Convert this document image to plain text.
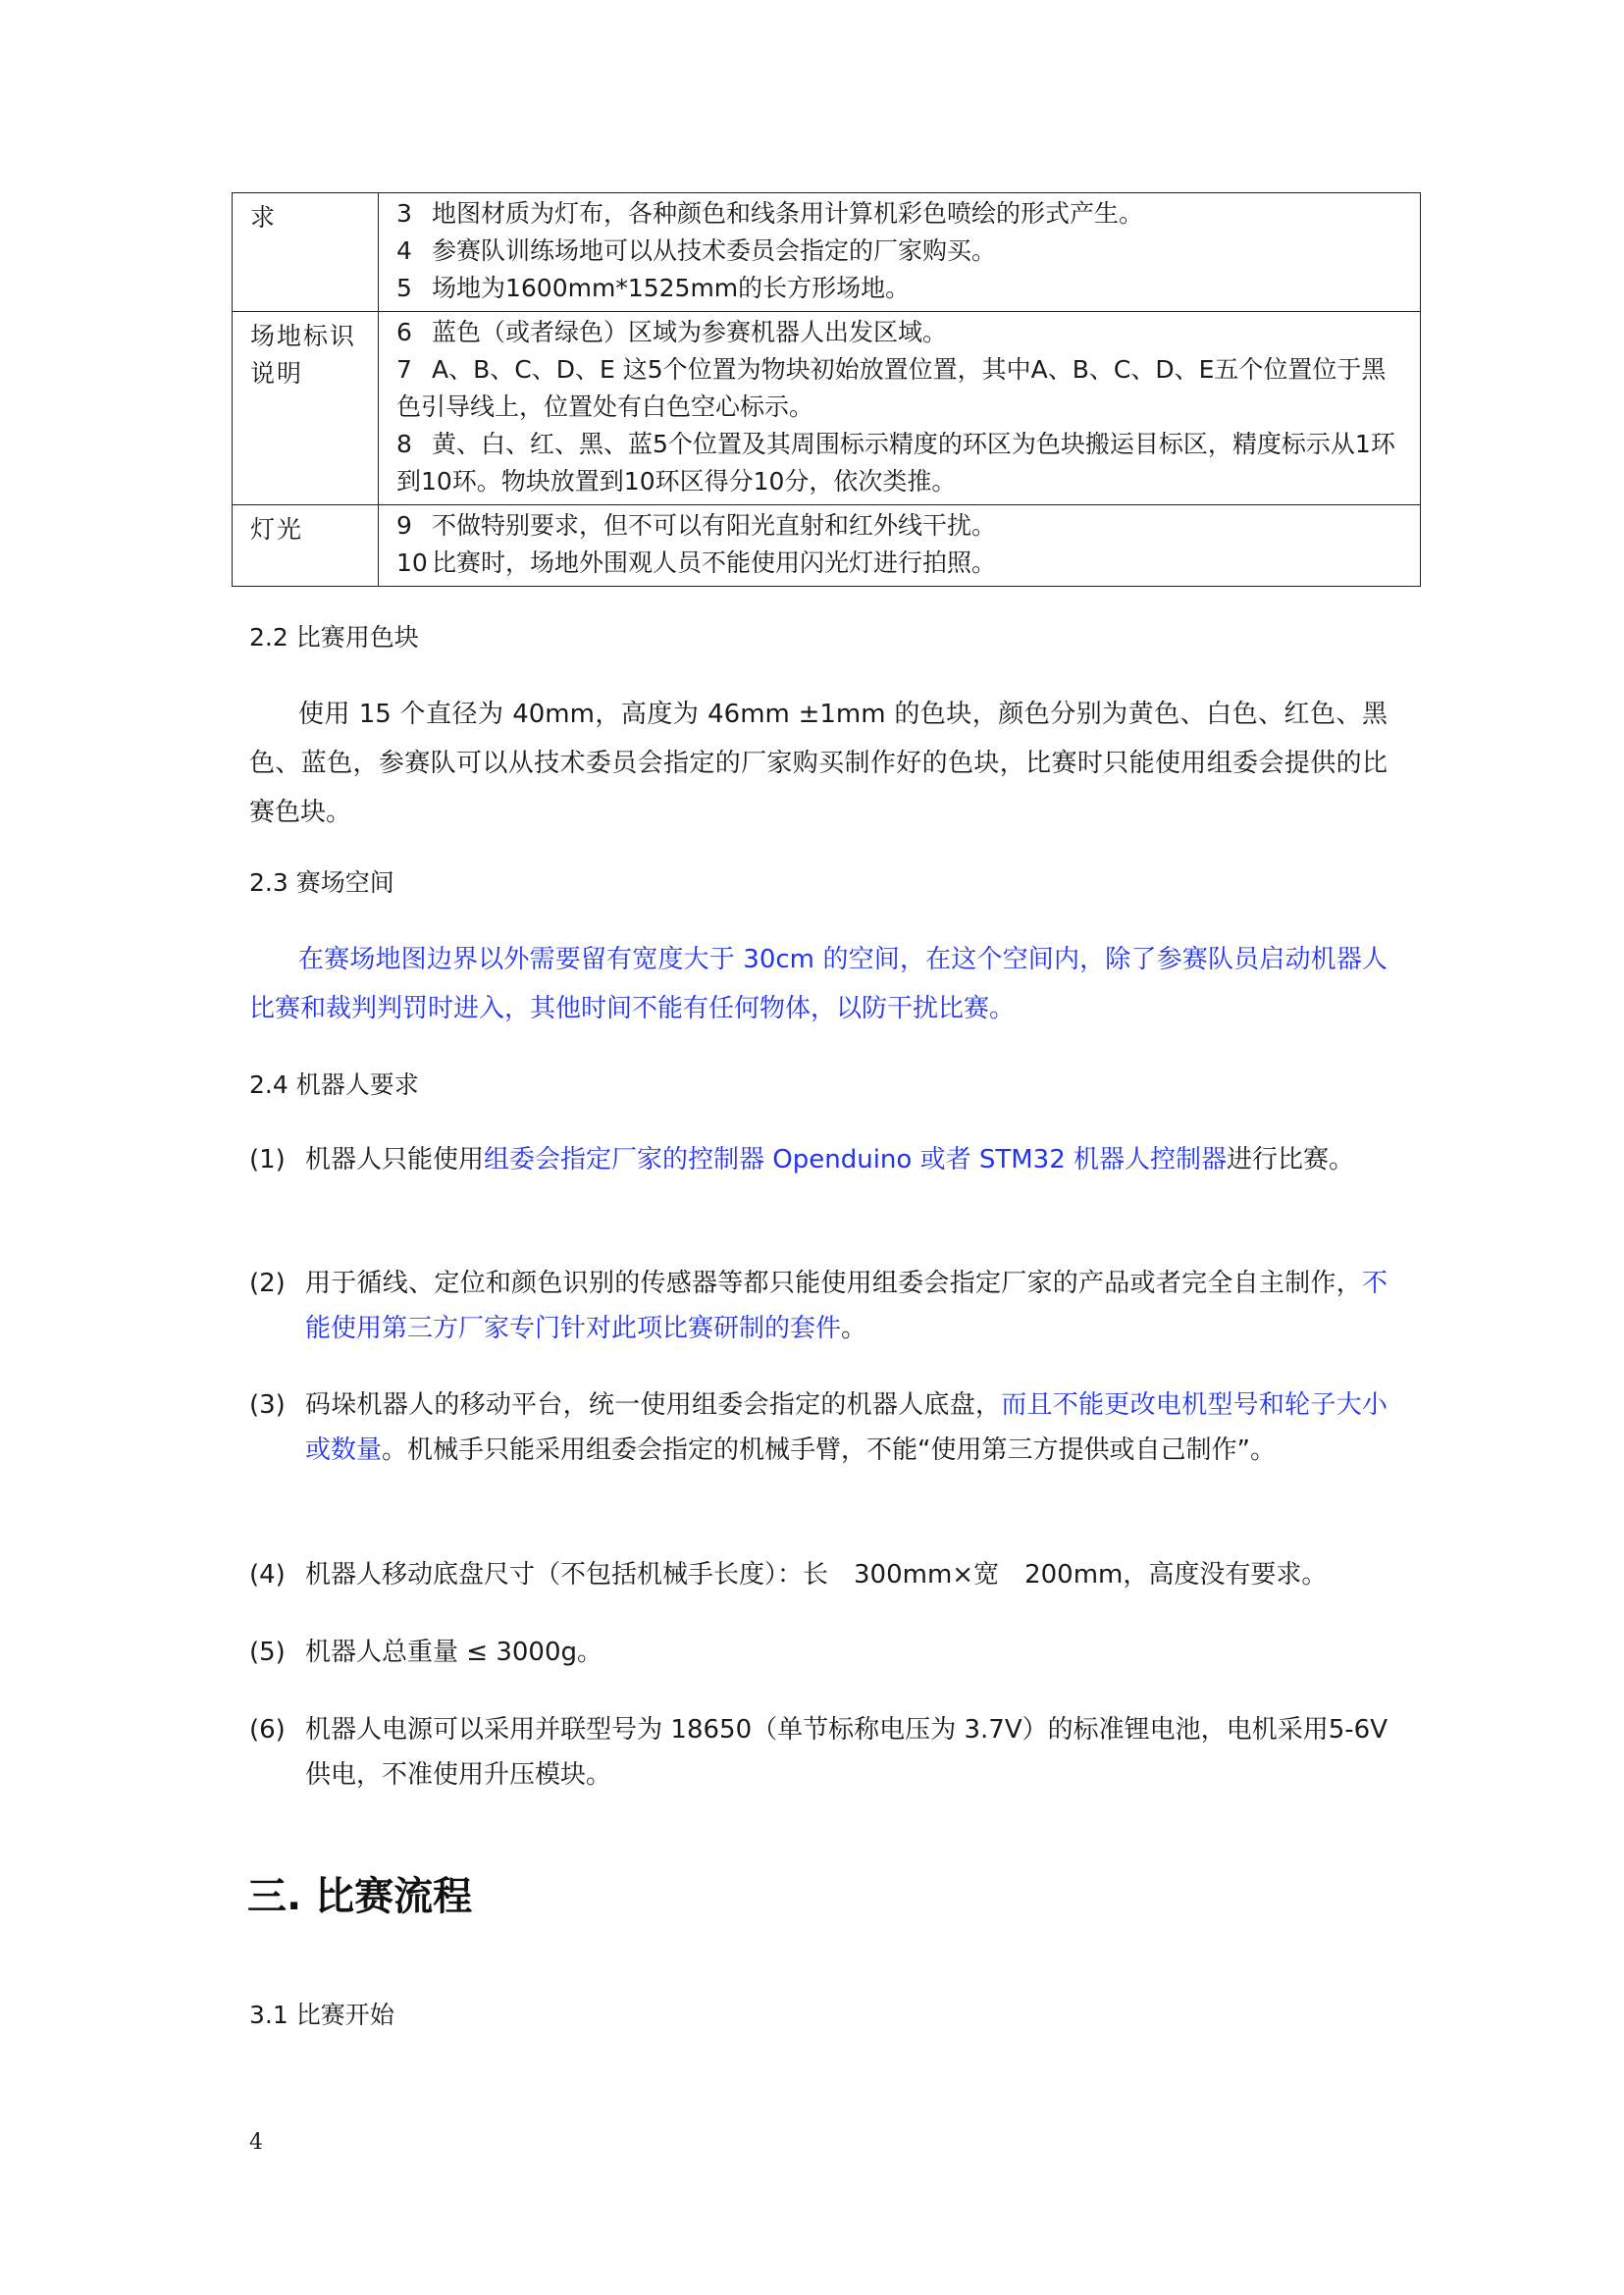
求	3 地图材质为灯布，各种颜色和线条用计算机彩色喷绘的形式产生。
4 参赛队训练场地可以从技术委员会指定的厂家购买。
5 场地为1600mm*1525mm的长方形场地。

场地标识说明	6 蓝色（或者绿色）区域为参赛机器人出发区域。
7 A、B、C、D、E 这5个位置为物块初始放置位置，其中A、B、C、D、E五个位置位于黑色引导线上，位置处有白色空心标示。
8 黄、白、红、黑、蓝5个位置及其周围标示精度的环区为色块搬运目标区，精度标示从1环到10环。物块放置到10环区得分10分，依次类推。

灯光	9 不做特别要求，但不可以有阳光直射和红外线干扰。
10 比赛时，场地外围观人员不能使用闪光灯进行拍照。
2.2 比赛用色块
使用 15 个直径为 40mm，高度为 46mm ±1mm 的色块，颜色分别为黄色、白色、红色、黑色、蓝色，参赛队可以从技术委员会指定的厂家购买制作好的色块，比赛时只能使用组委会提供的比赛色块。
2.3 赛场空间
在赛场地图边界以外需要留有宽度大于 30cm 的空间，在这个空间内，除了参赛队员启动机器人比赛和裁判判罚时进入，其他时间不能有任何物体，以防干扰比赛。
2.4 机器人要求
(1) 机器人只能使用组委会指定厂家的控制器 Openduino 或者 STM32 机器人控制器进行比赛。
(2) 用于循线、定位和颜色识别的传感器等都只能使用组委会指定厂家的产品或者完全自主制作，不能使用第三方厂家专门针对此项比赛研制的套件。
(3) 码垛机器人的移动平台，统一使用组委会指定的机器人底盘，而且不能更改电机型号和轮子大小或数量。机械手只能采用组委会指定的机械手臂，不能“使用第三方提供或自己制作”。
(4) 机器人移动底盘尺寸（不包括机械手长度）：长　300mm×宽　200mm，高度没有要求。
(5) 机器人总重量 ≤ 3000g。
(6) 机器人电源可以采用并联型号为 18650（单节标称电压为 3.7V）的标准锂电池，电机采用5-6V 供电，不准使用升压模块。
三. 比赛流程
3.1 比赛开始
4
